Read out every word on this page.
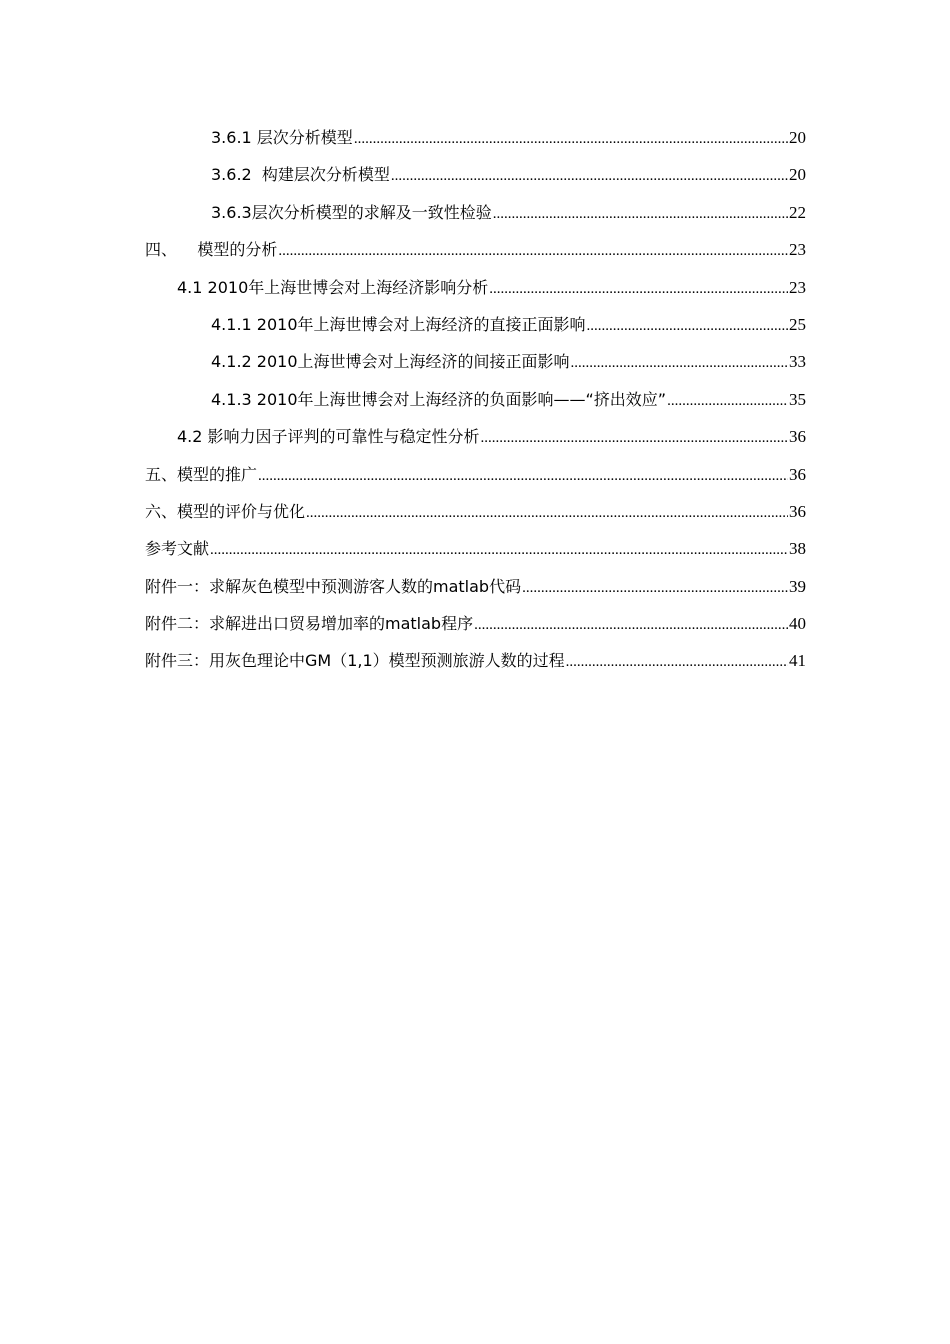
3.6.1 层次分析模型 .....	20
3.6.2  构建层次分析模型 .....	20
3.6.3层次分析模型的求解及一致性检验 .....	22
四、    模型的分析 .....	23
4.1 2010年上海世博会对上海经济影响分析 .....	23
4.1.1 2010年上海世博会对上海经济的直接正面影响 .....	25
4.1.2 2010上海世博会对上海经济的间接正面影响 .....	33
4.1.3 2010年上海世博会对上海经济的负面影响——“挤出效应” .....	35
4.2 影响力因子评判的可靠性与稳定性分析 .....	36
五、模型的推广 .....	36
六、模型的评价与优化 .....	36
参考文献 .....	38
附件一：求解灰色模型中预测游客人数的matlab代码 .....	39
附件二：求解进出口贸易增加率的matlab程序 .....	40
附件三：用灰色理论中GM（1,1）模型预测旅游人数的过程 .....	41
